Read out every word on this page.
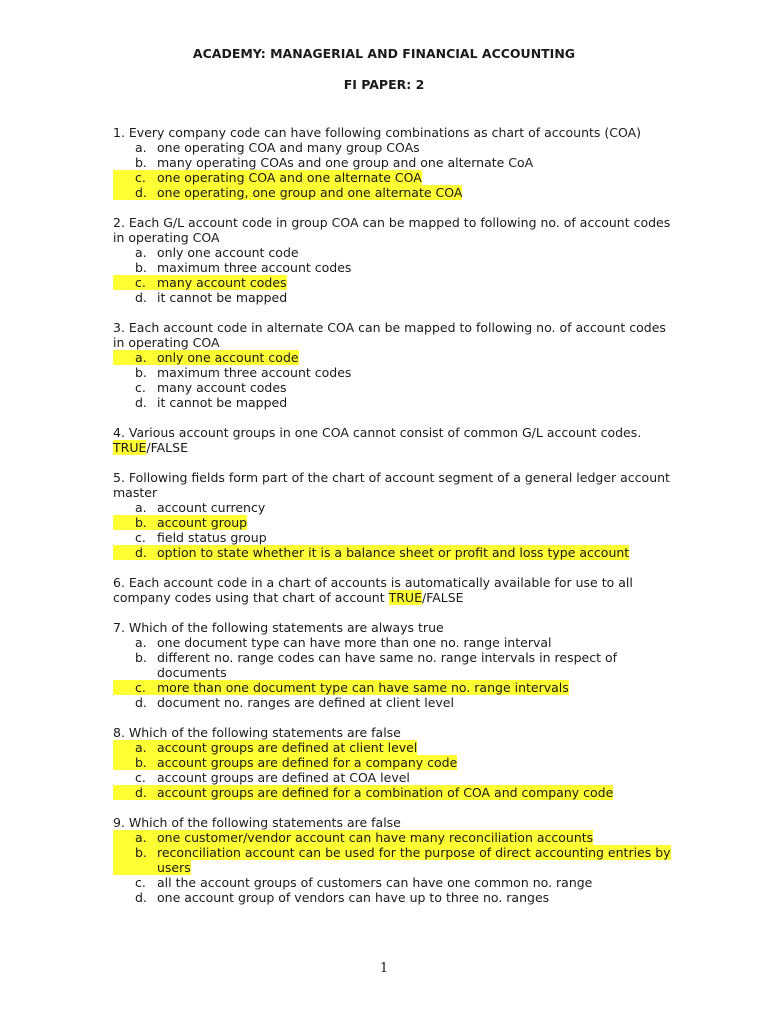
ACADEMY: MANAGERIAL AND FINANCIAL ACCOUNTING
FI PAPER: 2
1. Every company code can have following combinations as chart of accounts (COA)
a. one operating COA and many group COAs
b. many operating COAs and one group and one alternate CoA
c. one operating COA and one alternate COA
d. one operating, one group and one alternate COA
2. Each G/L account code in group COA can be mapped to following no. of account codes in operating COA
a. only one account code
b. maximum three account codes
c. many account codes
d. it cannot be mapped
3. Each account code in alternate COA can be mapped to following no. of account codes in operating COA
a. only one account code
b. maximum three account codes
c. many account codes
d. it cannot be mapped
4. Various account groups in one COA cannot consist of common G/L account codes.
TRUE/FALSE
5. Following fields form part of the chart of account segment of a general ledger account master
a. account currency
b. account group
c. field status group
d. option to state whether it is a balance sheet or profit and loss type account
6. Each account code in a chart of accounts is automatically available for use to all company codes using that chart of account TRUE/FALSE
7. Which of the following statements are always true
a. one document type can have more than one no. range interval
b. different no. range codes can have same no. range intervals in respect of documents
c. more than one document type can have same no. range intervals
d. document no. ranges are defined at client level
8. Which of the following statements are false
a. account groups are defined at client level
b. account groups are defined for a company code
c. account groups are defined at COA level
d. account groups are defined for a combination of COA and company code
9. Which of the following statements are false
a. one customer/vendor account can have many reconciliation accounts
b. reconciliation account can be used for the purpose of direct accounting entries by users
c. all the account groups of customers can have one common no. range
d. one account group of vendors can have up to three no. ranges
1
